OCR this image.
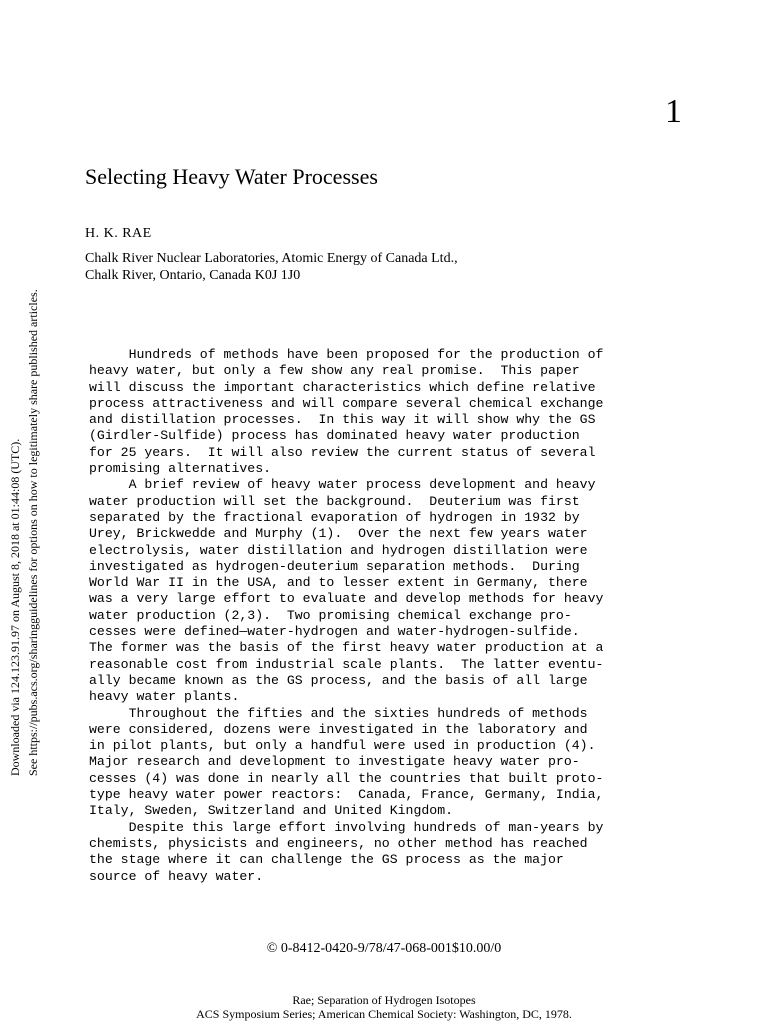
Downloaded via 124.123.91.97 on August 8, 2018 at 01:44:08 (UTC). See https://pubs.acs.org/sharingguidelines for options on how to legitimately share published articles.
1
Selecting Heavy Water Processes
H. K. RAE
Chalk River Nuclear Laboratories, Atomic Energy of Canada Ltd.,
Chalk River, Ontario, Canada K0J 1J0
Hundreds of methods have been proposed for the production of
heavy water, but only a few show any real promise.  This paper
will discuss the important characteristics which define relative
process attractiveness and will compare several chemical exchange
and distillation processes.  In this way it will show why the GS
(Girdler-Sulfide) process has dominated heavy water production
for 25 years.  It will also review the current status of several
promising alternatives.
A brief review of heavy water process development and heavy
water production will set the background.  Deuterium was first
separated by the fractional evaporation of hydrogen in 1932 by
Urey, Brickwedde and Murphy (1).  Over the next few years water
electrolysis, water distillation and hydrogen distillation were
investigated as hydrogen-deuterium separation methods.  During
World War II in the USA, and to lesser extent in Germany, there
was a very large effort to evaluate and develop methods for heavy
water production (2,3).  Two promising chemical exchange pro-
cesses were defined—water-hydrogen and water-hydrogen-sulfide.
The former was the basis of the first heavy water production at a
reasonable cost from industrial scale plants.  The latter eventu-
ally became known as the GS process, and the basis of all large
heavy water plants.
Throughout the fifties and the sixties hundreds of methods
were considered, dozens were investigated in the laboratory and
in pilot plants, but only a handful were used in production (4).
Major research and development to investigate heavy water pro-
cesses (4) was done in nearly all the countries that built proto-
type heavy water power reactors:  Canada, France, Germany, India,
Italy, Sweden, Switzerland and United Kingdom.
Despite this large effort involving hundreds of man-years by
chemists, physicists and engineers, no other method has reached
the stage where it can challenge the GS process as the major
source of heavy water.
© 0-8412-0420-9/78/47-068-001$10.00/0
Rae; Separation of Hydrogen Isotopes
ACS Symposium Series; American Chemical Society: Washington, DC, 1978.
